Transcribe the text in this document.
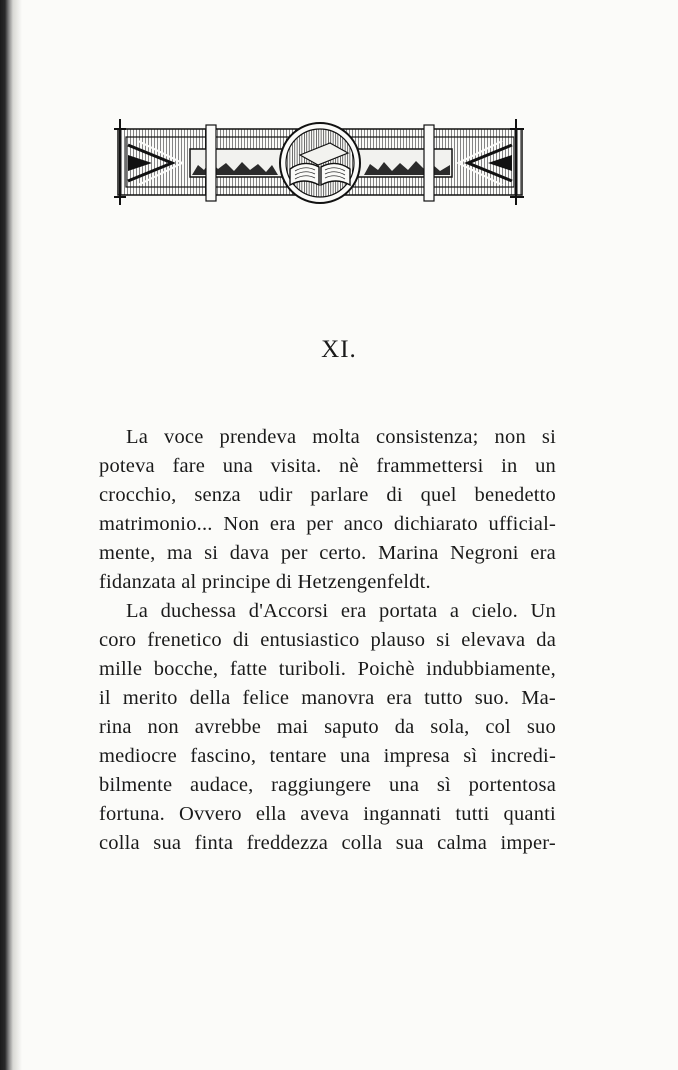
XI.
La voce prendeva molta consistenza; non si
poteva fare una visita. nè frammettersi in un
crocchio, senza udir parlare di quel benedetto
matrimonio... Non era per anco dichiarato ufficial-
mente, ma si dava per certo. Marina Negroni era
fidanzata al principe di Hetzengenfeldt.
La duchessa d'Accorsi era portata a cielo. Un
coro frenetico di entusiastico plauso si elevava da
mille bocche, fatte turiboli. Poichè indubbiamente,
il merito della felice manovra era tutto suo. Ma-
rina non avrebbe mai saputo da sola, col suo
mediocre fascino, tentare una impresa sì incredi-
bilmente audace, raggiungere una sì portentosa
fortuna. Ovvero ella aveva ingannati tutti quanti
colla sua finta freddezza colla sua calma imper-
